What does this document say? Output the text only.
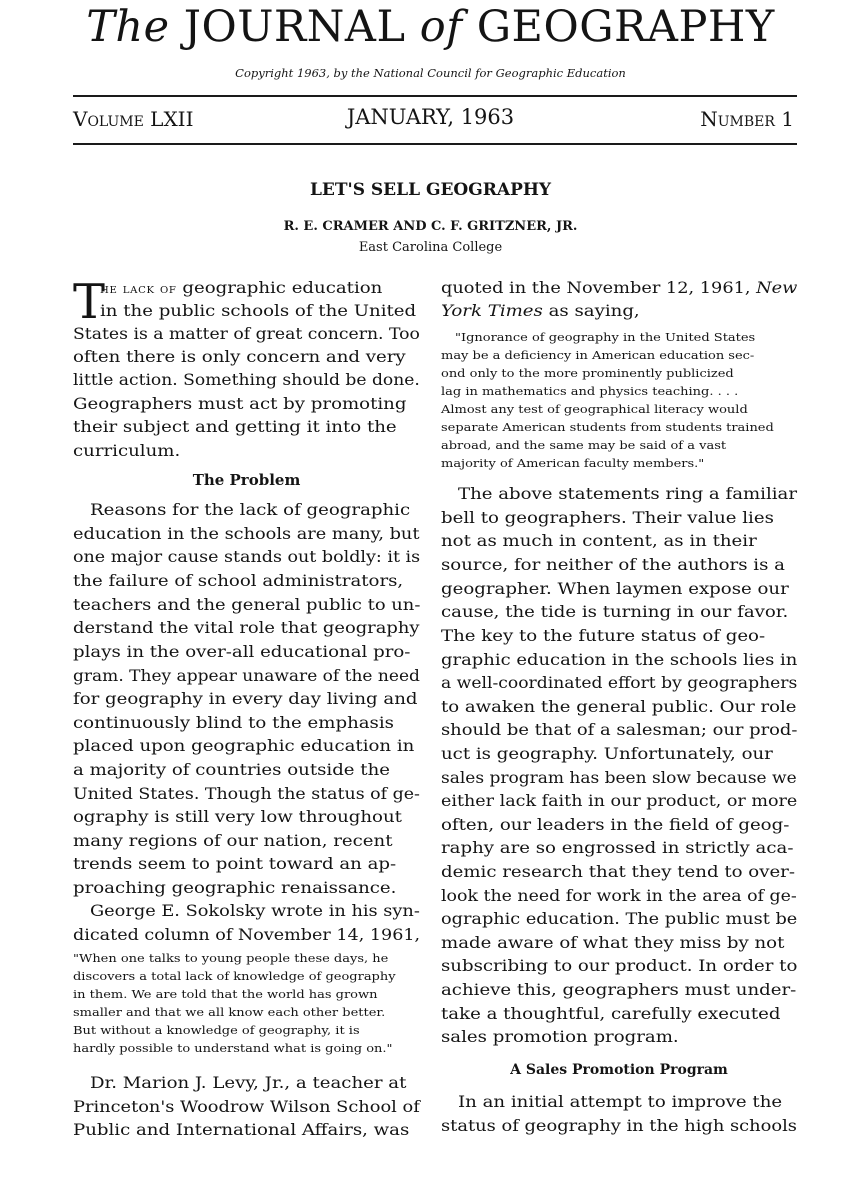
The JOURNAL of GEOGRAPHY
Copyright 1963, by the National Council for Geographic Education
Volume LXII	JANUARY, 1963	Number 1
LET'S SELL GEOGRAPHY
R. E. CRAMER AND C. F. GRITZNER, JR.
East Carolina College
T
he lack of geographic education
in the public schools of the United
States is a matter of great concern. Too
often there is only concern and very
little action. Something should be done.
Geographers must act by promoting
their subject and getting it into the
curriculum.
The Problem
Reasons for the lack of geographic
education in the schools are many, but
one major cause stands out boldly: it is
the failure of school administrators,
teachers and the general public to un-
derstand the vital role that geography
plays in the over-all educational pro-
gram. They appear unaware of the need
for geography in every day living and
continuously blind to the emphasis
placed upon geographic education in
a majority of countries outside the
United States. Though the status of ge-
ography is still very low throughout
many regions of our nation, recent
trends seem to point toward an ap-
proaching geographic renaissance.
George E. Sokolsky wrote in his syn-
dicated column of November 14, 1961,
"When one talks to young people these days, he
discovers a total lack of knowledge of geography
in them. We are told that the world has grown
smaller and that we all know each other better.
But without a knowledge of geography, it is
hardly possible to understand what is going on."
Dr. Marion J. Levy, Jr., a teacher at
Princeton's Woodrow Wilson School of
Public and International Affairs, was
quoted in the November 12, 1961, New
York Times as saying,
"Ignorance of geography in the United States
may be a deficiency in American education sec-
ond only to the more prominently publicized
lag in mathematics and physics teaching. . . .
Almost any test of geographical literacy would
separate American students from students trained
abroad, and the same may be said of a vast
majority of American faculty members."
The above statements ring a familiar
bell to geographers. Their value lies
not as much in content, as in their
source, for neither of the authors is a
geographer. When laymen expose our
cause, the tide is turning in our favor.
The key to the future status of geo-
graphic education in the schools lies in
a well-coordinated effort by geographers
to awaken the general public. Our role
should be that of a salesman; our prod-
uct is geography. Unfortunately, our
sales program has been slow because we
either lack faith in our product, or more
often, our leaders in the field of geog-
raphy are so engrossed in strictly aca-
demic research that they tend to over-
look the need for work in the area of ge-
ographic education. The public must be
made aware of what they miss by not
subscribing to our product. In order to
achieve this, geographers must under-
take a thoughtful, carefully executed
sales promotion program.
A Sales Promotion Program
In an initial attempt to improve the
status of geography in the high schools
